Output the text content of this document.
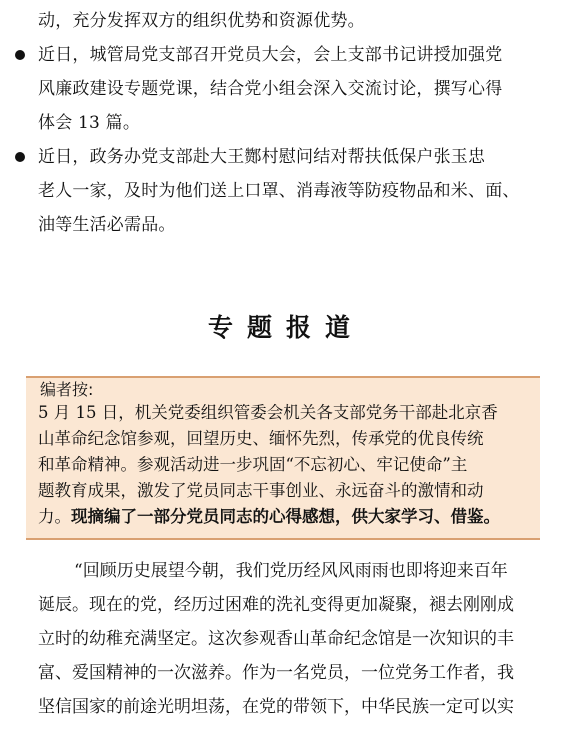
动，充分发挥双方的组织优势和资源优势。
近日，城管局党支部召开党员大会，会上支部书记讲授加强党
风廉政建设专题党课，结合党小组会深入交流讨论，撰写心得
体会 13 篇。
近日，政务办党支部赴大王酂村慰问结对帮扶低保户张玉忠
老人一家，及时为他们送上口罩、消毒液等防疫物品和米、面、
油等生活必需品。
专题报道
编者按:
5 月 15 日，机关党委组织管委会机关各支部党务干部赴北京香
山革命纪念馆参观，回望历史、缅怀先烈，传承党的优良传统
和革命精神。参观活动进一步巩固“不忘初心、牢记使命”主
题教育成果，激发了党员同志干事创业、永远奋斗的激情和动
力。现摘编了一部分党员同志的心得感想，供大家学习、借鉴。
“回顾历史展望今朝，我们党历经风风雨雨也即将迎来百年
诞辰。现在的党，经历过困难的洗礼变得更加凝聚，褪去刚刚成
立时的幼稚充满坚定。这次参观香山革命纪念馆是一次知识的丰
富、爱国精神的一次滋养。作为一名党员，一位党务工作者，我
坚信国家的前途光明坦荡，在党的带领下，中华民族一定可以实
